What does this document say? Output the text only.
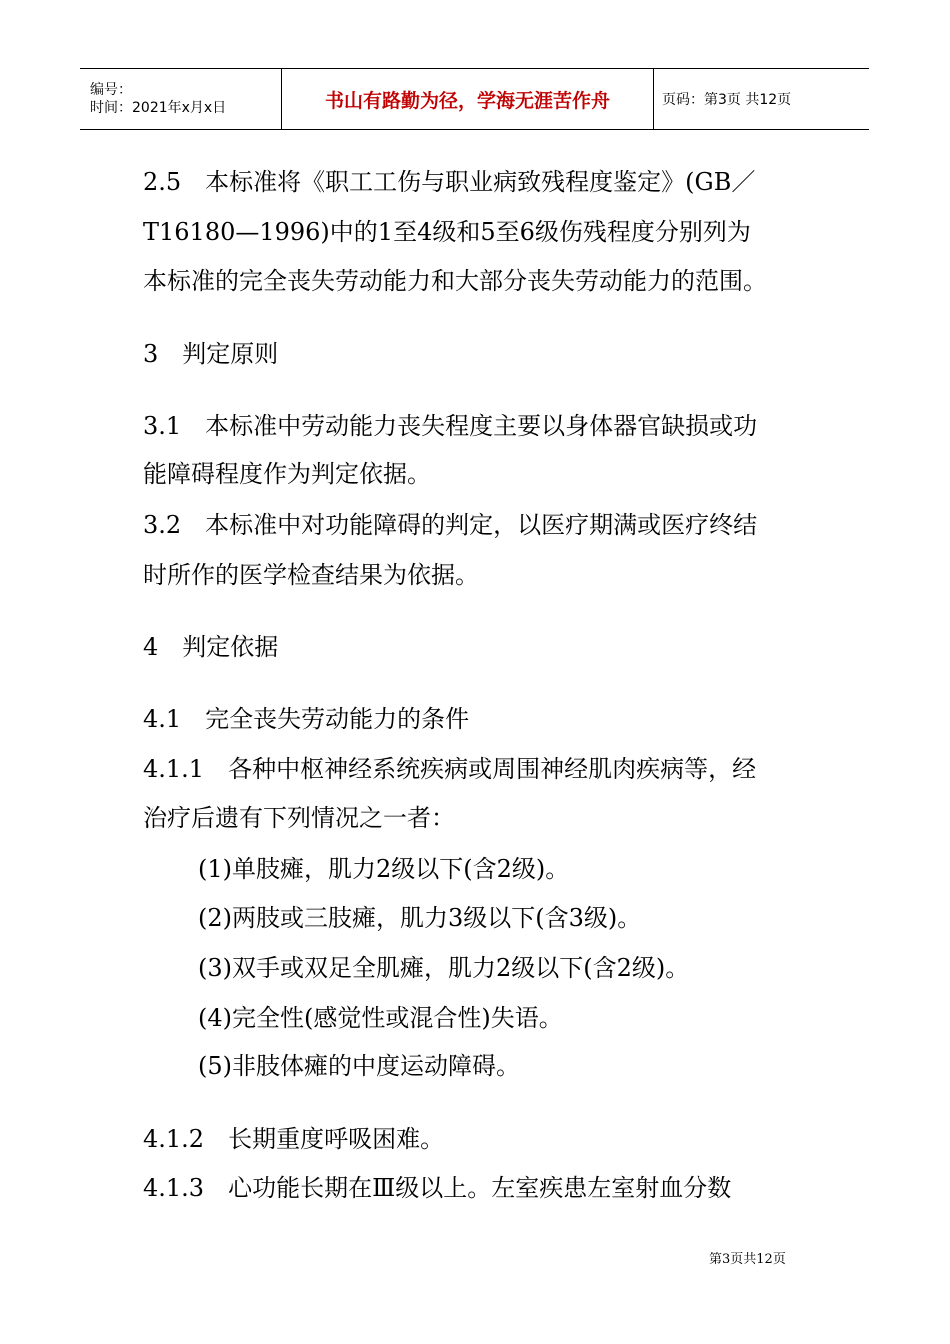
编号：
时间：2021年x月x日	书山有路勤为径，学海无涯苦作舟	页码：第3页 共12页
2.5　本标准将《职工工伤与职业病致残程度鉴定》(GB／
T16180—1996)中的1至4级和5至6级伤残程度分别列为
本标准的完全丧失劳动能力和大部分丧失劳动能力的范围。
3　判定原则
3.1　本标准中劳动能力丧失程度主要以身体器官缺损或功
能障碍程度作为判定依据。
3.2　本标准中对功能障碍的判定，以医疗期满或医疗终结
时所作的医学检查结果为依据。
4　判定依据
4.1　完全丧失劳动能力的条件
4.1.1　各种中枢神经系统疾病或周围神经肌肉疾病等，经
治疗后遗有下列情况之一者：
(1)单肢瘫，肌力2级以下(含2级)。
(2)两肢或三肢瘫，肌力3级以下(含3级)。
(3)双手或双足全肌瘫，肌力2级以下(含2级)。
(4)完全性(感觉性或混合性)失语。
(5)非肢体瘫的中度运动障碍。
4.1.2　长期重度呼吸困难。
4.1.3　心功能长期在Ⅲ级以上。左室疾患左室射血分数
第3页共12页
